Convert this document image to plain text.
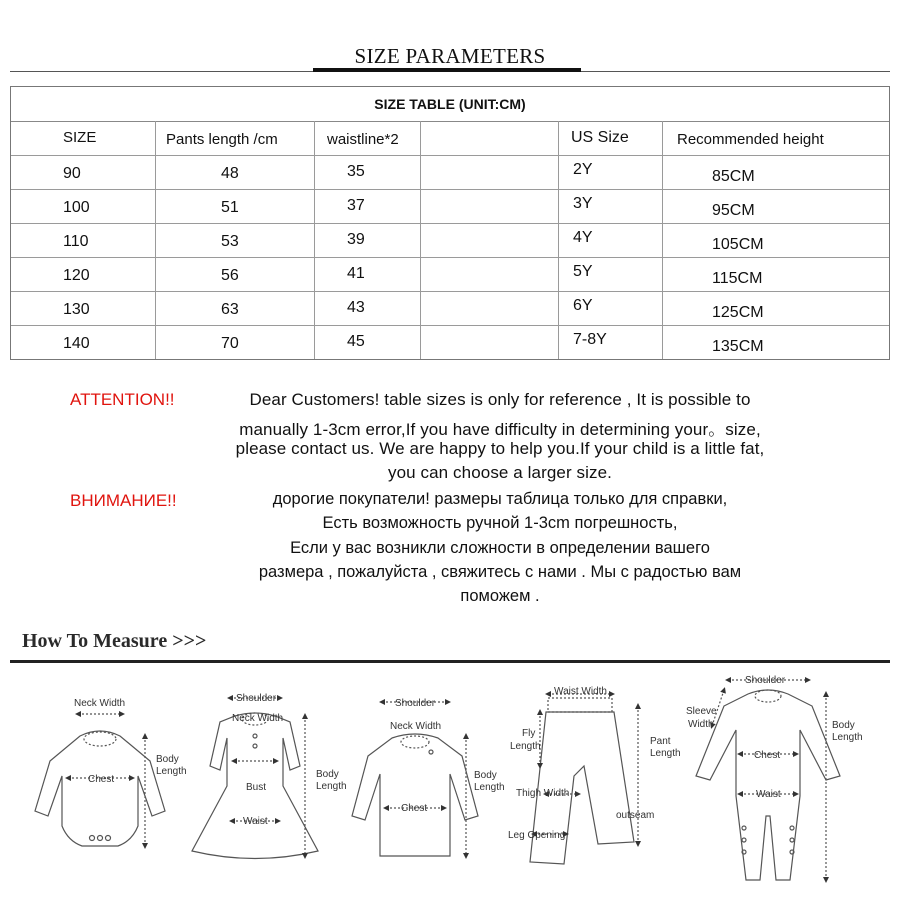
SIZE PARAMETERS
SIZE TABLE (UNIT:CM)
SIZE	Pants length /cm	waistline*2	US Size	Recommended height
90	48	35	2Y	85CM
100	51	37	3Y	95CM
110	53	39	4Y	105CM
120	56	41	5Y	115CM
130	63	43	6Y	125CM
140	70	45	7-8Y	135CM
ATTENTION!!	Dear Customers! table sizes is only for reference , It is possible to
manually 1-3cm error,If you have difficulty in determining your。size,
please contact us. We are happy to help you.If your child is a little fat,
you can choose a larger size.
ВНИМАНИЕ!!	дорогие покупатели! размеры таблица только для справки,
Есть возможность ручной 1-3cm погрешность,
Если у вас возникли сложности в определении вашего
размера , пожалуйста , свяжитесь с нами . Мы с радостью вам
поможем .
How To Measure >>>
Neck Width
Chest
Body
Length
Shoulder
Neck Width
Bust
Waist
Body
Length
Shoulder
Neck Width
Chest
Body
Length
Waist Width
Fly
Length	Pant
Length
Thigh Width
outseam
Leg Opening
Shoulder
Sleeve
Width	Body
Length
Chest
Waist
